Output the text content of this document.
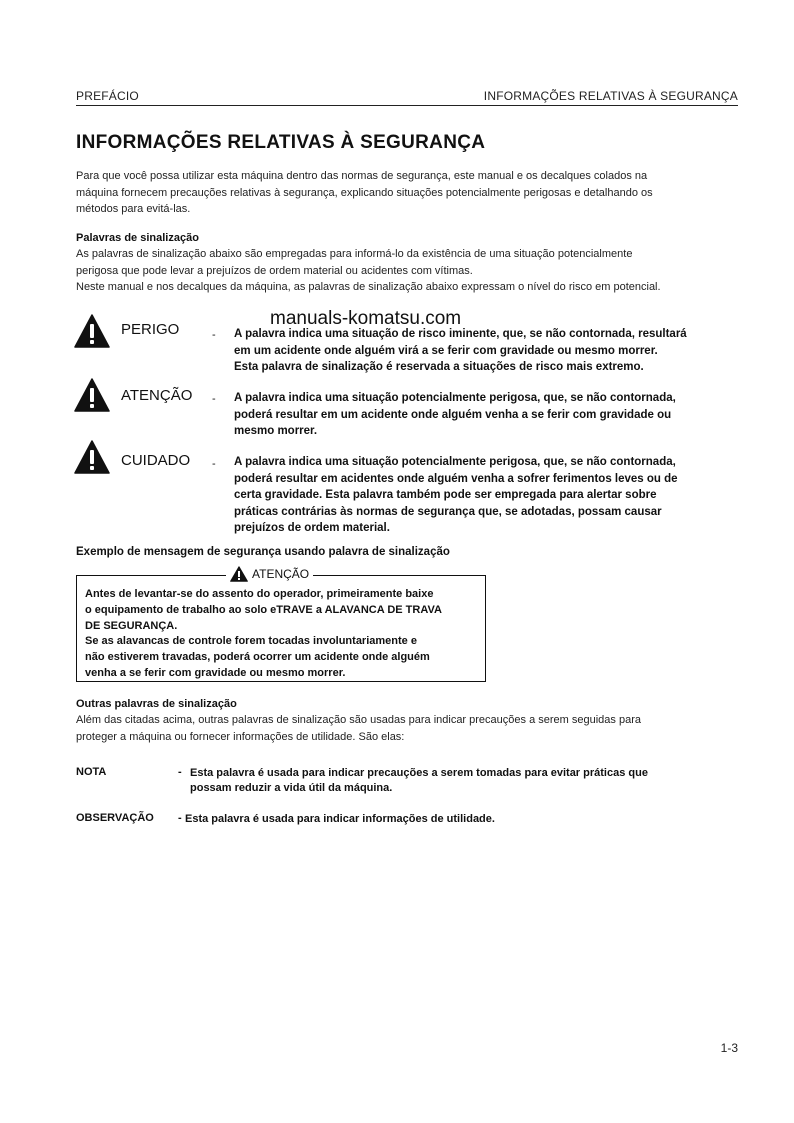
PREFÁCIO	INFORMAÇÕES RELATIVAS À SEGURANÇA
INFORMAÇÕES RELATIVAS À SEGURANÇA
Para que você possa utilizar esta máquina dentro das normas de segurança, este manual e os decalques colados na
máquina fornecem precauções relativas à segurança, explicando situações potencialmente perigosas e detalhando os
métodos para evitá-las.
Palavras de sinalização
As palavras de sinalização abaixo são empregadas para informá-lo da existência de uma situação potencialmente
perigosa que pode levar a prejuízos de ordem material ou acidentes com vítimas.
Neste manual e nos decalques da máquina, as palavras de sinalização abaixo expressam o nível do risco em potencial.
manuals-komatsu.com
PERIGO	- A palavra indica uma situação de risco iminente, que, se não contornada, resultará
em um acidente onde alguém virá a se ferir com gravidade ou mesmo morrer.
Esta palavra de sinalização é reservada a situações de risco mais extremo.
ATENÇÃO - A palavra indica uma situação potencialmente perigosa, que, se não contornada,
poderá resultar em um acidente onde alguém venha a se ferir com gravidade ou
mesmo morrer.
CUIDADO - A palavra indica uma situação potencialmente perigosa, que, se não contornada,
poderá resultar em acidentes onde alguém venha a sofrer ferimentos leves ou de
certa gravidade. Esta palavra também pode ser empregada para alertar sobre
práticas contrárias às normas de segurança que, se adotadas, possam causar
prejuízos de ordem material.
Exemplo de mensagem de segurança usando palavra de sinalização
ATENÇÃO
Antes de levantar-se do assento do operador, primeiramente baixe
o equipamento de trabalho ao solo eTRAVE a ALAVANCA DE TRAVA
DE SEGURANÇA.
Se as alavancas de controle forem tocadas involuntariamente e
não estiverem travadas, poderá ocorrer um acidente onde alguém
venha a se ferir com gravidade ou mesmo morrer.
Outras palavras de sinalização
Além das citadas acima, outras palavras de sinalização são usadas para indicar precauções a serem seguidas para
proteger a máquina ou fornecer informações de utilidade. São elas:
NOTA	- Esta palavra é usada para indicar precauções a serem tomadas para evitar práticas que
possam reduzir a vida útil da máquina.
OBSERVAÇÃO - Esta palavra é usada para indicar informações de utilidade.
1-3
